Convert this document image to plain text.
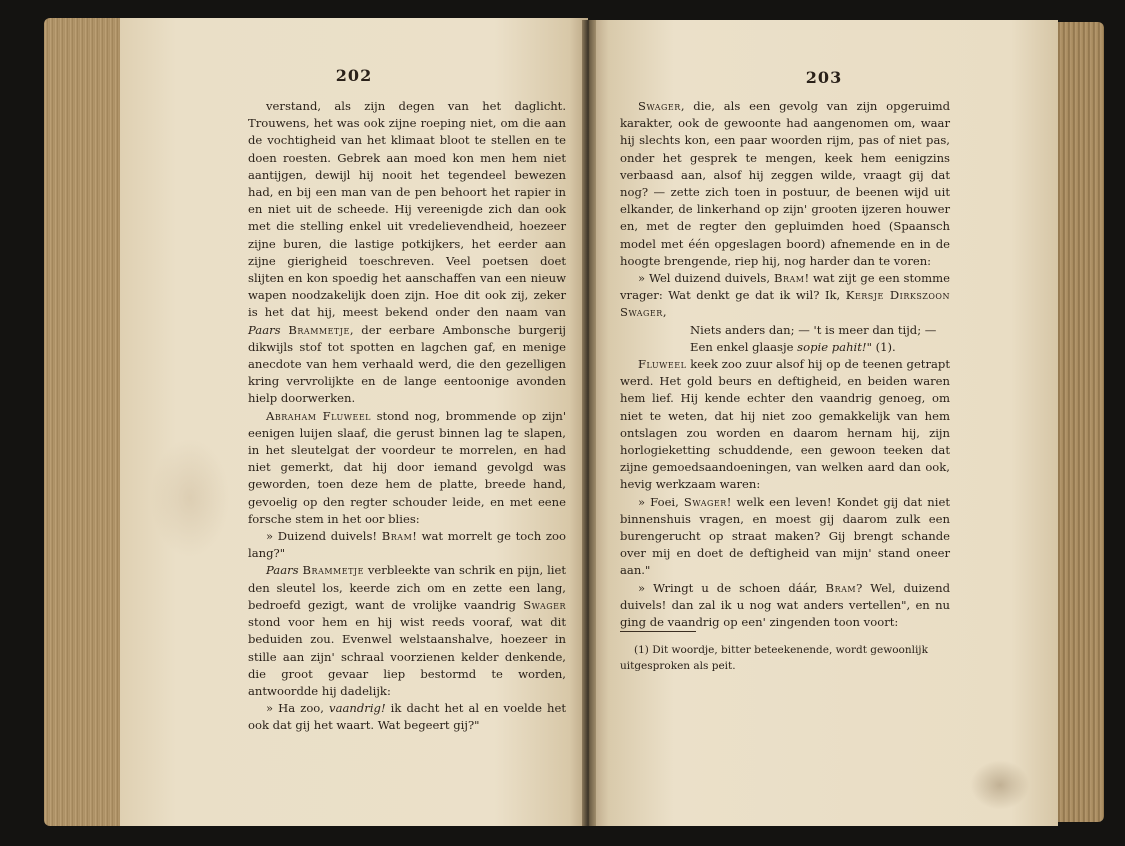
202

verstand, als zijn degen van het daglicht. Trouwens, het was ook zijne roeping niet, om die aan de vochtigheid van het klimaat bloot te stellen en te doen roesten. Gebrek aan moed kon men hem niet aantijgen, dewijl hij nooit het tegendeel bewezen had, en bij een man van de pen behoort het rapier in en niet uit de scheede. Hij vereenigde zich dan ook met die stelling enkel uit vredelievendheid, hoezeer zijne buren, die lastige potkijkers, het eerder aan zijne gierigheid toeschreven. Veel poetsen doet slijten en kon spoedig het aanschaffen van een nieuw wapen noodzakelijk doen zijn. Hoe dit ook zij, zeker is het dat hij, meest bekend onder den naam van Paars Brammetje, der eerbare Ambonsche burgerij dikwijls stof tot spotten en lagchen gaf, en menige anecdote van hem verhaald werd, die den gezelligen kring vervrolijkte en de lange eentoonige avonden hielp doorwerken.

Abraham Fluweel stond nog, brommende op zijn' eenigen luijen slaaf, die gerust binnen lag te slapen, in het sleutelgat der voordeur te morrelen, en had niet gemerkt, dat hij door iemand gevolgd was geworden, toen deze hem de platte, breede hand, gevoelig op den regter schouder leide, en met eene forsche stem in het oor blies:

» Duizend duivels! Bram! wat morrelt ge toch zoo lang?"

Paars Brammetje verbleekte van schrik en pijn, liet den sleutel los, keerde zich om en zette een lang, bedroefd gezigt, want de vrolijke vaandrig Swager stond voor hem en hij wist reeds vooraf, wat dit beduiden zou. Evenwel welstaanshalve, hoezeer in stille aan zijn' schraal voorzienen kelder denkende, die groot gevaar liep bestormd te worden, antwoordde hij dadelijk:

» Ha zoo, vaandrig! ik dacht het al en voelde het ook dat gij het waart. Wat begeert gij?"

203

Swager, die, als een gevolg van zijn opgeruimd karakter, ook de gewoonte had aangenomen om, waar hij slechts kon, een paar woorden rijm, pas of niet pas, onder het gesprek te mengen, keek hem eenigzins verbaasd aan, alsof hij zeggen wilde, vraagt gij dat nog? — zette zich toen in postuur, de beenen wijd uit elkander, de linkerhand op zijn' grooten ijzeren houwer en, met de regter den gepluimden hoed (Spaansch model met één opgeslagen boord) afnemende en in de hoogte brengende, riep hij, nog harder dan te voren:

» Wel duizend duivels, Bram! wat zijt ge een stomme vrager: Wat denkt ge dat ik wil? Ik, Kersje Dirkszoon Swager,

Niets anders dan; — 't is meer dan tijd; —

Een enkel glaasje sopie pahit!" (1).

Fluweel keek zoo zuur alsof hij op de teenen getrapt werd. Het gold beurs en deftigheid, en beiden waren hem lief. Hij kende echter den vaandrig genoeg, om niet te weten, dat hij niet zoo gemakkelijk van hem ontslagen zou worden en daarom hernam hij, zijn horlogieketting schuddende, een gewoon teeken dat zijne gemoedsaandoeningen, van welken aard dan ook, hevig werkzaam waren:

» Foei, Swager! welk een leven! Kondet gij dat niet binnenshuis vragen, en moest gij daarom zulk een burengerucht op straat maken? Gij brengt schande over mij en doet de deftigheid van mijn' stand oneer aan."

» Wringt u de schoen dáár, Bram? Wel, duizend duivels! dan zal ik u nog wat anders vertellen", en nu ging de vaandrig op een' zingenden toon voort:

(1) Dit woordje, bitter beteekenende, wordt gewoonlijk uitgesproken als peit.
